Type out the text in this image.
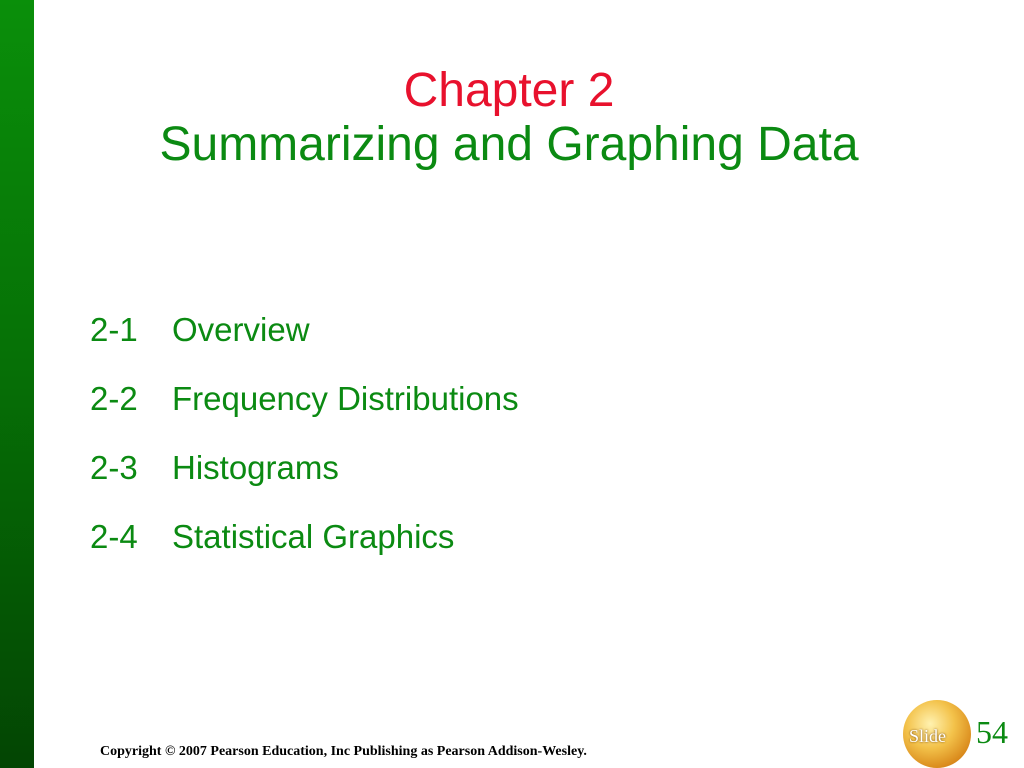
Chapter 2
Summarizing and Graphing Data
2-1 Overview
2-2 Frequency Distributions
2-3 Histograms
2-4 Statistical Graphics
Copyright © 2007 Pearson Education, Inc Publishing as Pearson Addison-Wesley.
Slide 54
